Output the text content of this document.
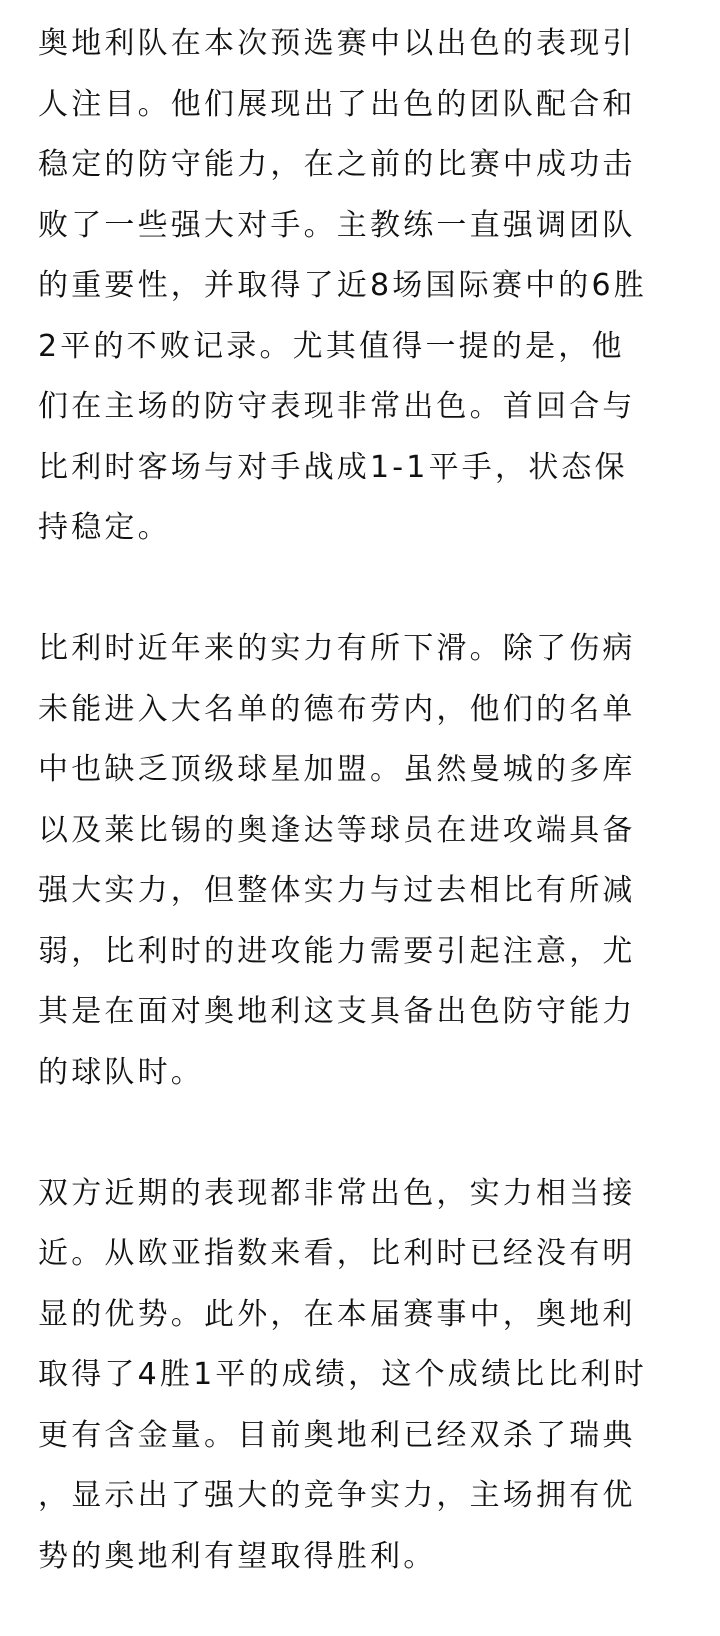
奥地利队在本次预选赛中以出色的表现引
人注目。他们展现出了出色的团队配合和
稳定的防守能力，在之前的比赛中成功击
败了一些强大对手。主教练一直强调团队
的重要性，并取得了近8场国际赛中的6胜
2平的不败记录。尤其值得一提的是，他
们在主场的防守表现非常出色。首回合与
比利时客场与对手战成1-1平手，状态保
持稳定。
比利时近年来的实力有所下滑。除了伤病
未能进入大名单的德布劳内，他们的名单
中也缺乏顶级球星加盟。虽然曼城的多库
以及莱比锡的奥逢达等球员在进攻端具备
强大实力，但整体实力与过去相比有所减
弱，比利时的进攻能力需要引起注意，尤
其是在面对奥地利这支具备出色防守能力
的球队时。
双方近期的表现都非常出色，实力相当接
近。从欧亚指数来看，比利时已经没有明
显的优势。此外，在本届赛事中，奥地利
取得了4胜1平的成绩，这个成绩比比利时
更有含金量。目前奥地利已经双杀了瑞典
，显示出了强大的竞争实力，主场拥有优
势的奥地利有望取得胜利。
